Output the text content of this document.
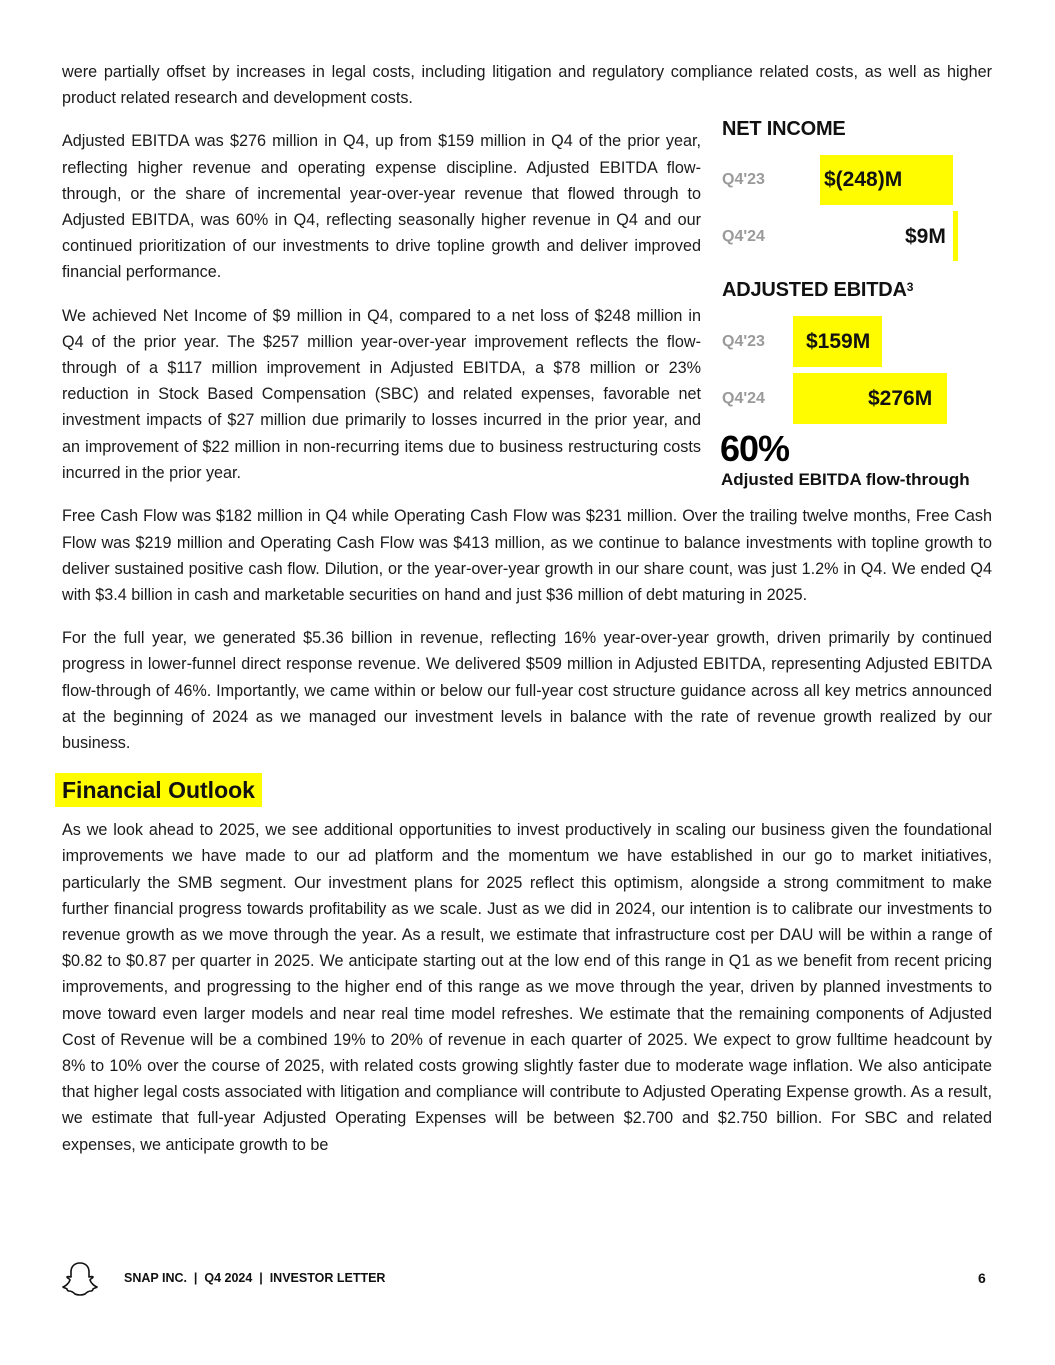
were partially offset by increases in legal costs, including litigation and regulatory compliance related costs, as well as higher product related research and development costs.

Adjusted EBITDA was $276 million in Q4, up from $159 million in Q4 of the prior year, reflecting higher revenue and operating expense discipline. Adjusted EBITDA flow-through, or the share of incremental year-over-year revenue that flowed through to Adjusted EBITDA, was 60% in Q4, reflecting seasonally higher revenue in Q4 and our continued prioritization of our investments to drive topline growth and deliver improved financial performance.

We achieved Net Income of $9 million in Q4, compared to a net loss of $248 million in Q4 of the prior year. The $257 million year-over-year improvement reflects the flow-through of a $117 million improvement in Adjusted EBITDA, a $78 million or 23% reduction in Stock Based Compensation (SBC) and related expenses, favorable net investment impacts of $27 million due primarily to losses incurred in the prior year, and an improvement of $22 million in non-recurring items due to business restructuring costs incurred in the prior year.

Free Cash Flow was $182 million in Q4 while Operating Cash Flow was $231 million. Over the trailing twelve months, Free Cash Flow was $219 million and Operating Cash Flow was $413 million, as we continue to balance investments with topline growth to deliver sustained positive cash flow. Dilution, or the year-over-year growth in our share count, was just 1.2% in Q4. We ended Q4 with $3.4 billion in cash and marketable securities on hand and just $36 million of debt maturing in 2025.

For the full year, we generated $5.36 billion in revenue, reflecting 16% year-over-year growth, driven primarily by continued progress in lower-funnel direct response revenue. We delivered $509 million in Adjusted EBITDA, representing Adjusted EBITDA flow-through of 46%. Importantly, we came within or below our full-year cost structure guidance across all key metrics announced at the beginning of 2024 as we managed our investment levels in balance with the rate of revenue growth realized by our business.

Financial Outlook

As we look ahead to 2025, we see additional opportunities to invest productively in scaling our business given the foundational improvements we have made to our ad platform and the momentum we have established in our go to market initiatives, particularly the SMB segment. Our investment plans for 2025 reflect this optimism, alongside a strong commitment to make further financial progress towards profitability as we scale. Just as we did in 2024, our intention is to calibrate our investments to revenue growth as we move through the year. As a result, we estimate that infrastructure cost per DAU will be within a range of $0.82 to $0.87 per quarter in 2025. We anticipate starting out at the low end of this range in Q1 as we benefit from recent pricing improvements, and progressing to the higher end of this range as we move through the year, driven by planned investments to move toward even larger models and near real time model refreshes. We estimate that the remaining components of Adjusted Cost of Revenue will be a combined 19% to 20% of revenue in each quarter of 2025. We expect to grow fulltime headcount by 8% to 10% over the course of 2025, with related costs growing slightly faster due to moderate wage inflation. We also anticipate that higher legal costs associated with litigation and compliance will contribute to Adjusted Operating Expense growth. As a result, we estimate that full-year Adjusted Operating Expenses will be between $2.700 and $2.750 billion. For SBC and related expenses, we anticipate growth to be

NET INCOME
Q4'23	$(248)M
Q4'24	$9M
ADJUSTED EBITDA$^3$
Q4'23 $159M
Q4'24	$276M
60%
Adjusted EBITDA flow-through
SNAP INC.  |  Q4 2024  |  INVESTOR LETTER	6
